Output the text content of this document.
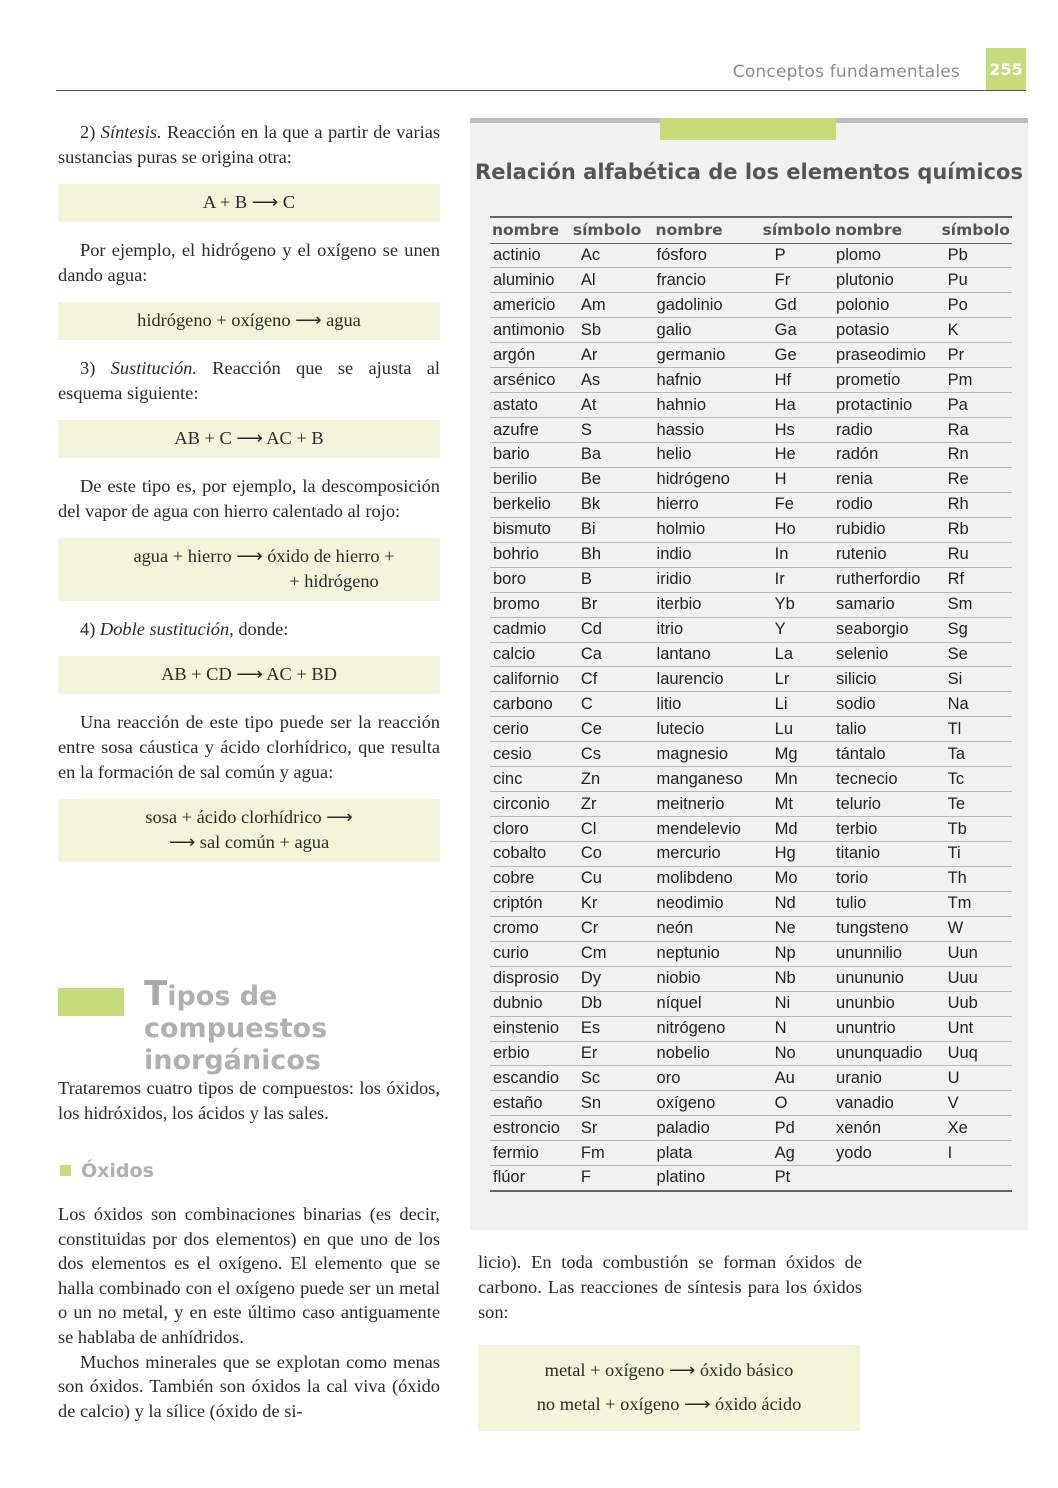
Conceptos fundamentales 255

2) Síntesis. Reacción en la que a partir de varias sustancias puras se origina otra:

A + B ⟶ C

Por ejemplo, el hidrógeno y el oxígeno se unen dando agua:

hidrógeno + oxígeno ⟶ agua

3) Sustitución. Reacción que se ajusta al esquema siguiente:

AB + C ⟶ AC + B

De este tipo es, por ejemplo, la descomposición del vapor de agua con hierro calentado al rojo:

agua + hierro ⟶ óxido de hierro +
+ hidrógeno

4) Doble sustitución, donde:

AB + CD ⟶ AC + BD

Una reacción de este tipo puede ser la reacción entre sosa cáustica y ácido clorhídrico, que resulta en la formación de sal común y agua:

sosa + ácido clorhídrico ⟶
⟶ sal común + agua
Tipos de compuestos
inorgánicos

Trataremos cuatro tipos de compuestos: los óxidos, los hidróxidos, los ácidos y las sales.

Óxidos

Los óxidos son combinaciones binarias (es decir, constituidas por dos elementos) en que uno de los dos elementos es el oxígeno. El elemento que se halla combinado con el oxígeno puede ser un metal o un no metal, y en este último caso antiguamente se hablaba de anhídridos.

Muchos minerales que se explotan como menas son óxidos. También son óxidos la cal viva (óxido de calcio) y la sílice (óxido de si-

Relación alfabética de los elementos químicos
nombre	símbolo	nombre	símbolo	nombre	símbolo
actinio	Ac	fósforo	P	plomo	Pb
aluminio	Al	francio	Fr	plutonio	Pu
americio	Am	gadolinio	Gd	polonio	Po
antimonio	Sb	galio	Ga	potasio	K
argón	Ar	germanio	Ge	praseodimio	Pr
arsénico	As	hafnio	Hf	prometio	Pm
astato	At	hahnio	Ha	protactinio	Pa
azufre	S	hassio	Hs	radio	Ra
bario	Ba	helio	He	radón	Rn
berilio	Be	hidrógeno	H	renia	Re
berkelio	Bk	hierro	Fe	rodio	Rh
bismuto	Bi	holmio	Ho	rubidio	Rb
bohrio	Bh	indio	In	rutenio	Ru
boro	B	iridio	Ir	rutherfordio	Rf
bromo	Br	iterbio	Yb	samario	Sm
cadmio	Cd	itrio	Y	seaborgio	Sg
calcio	Ca	lantano	La	selenio	Se
californio	Cf	laurencio	Lr	silicio	Si
carbono	C	litio	Li	sodio	Na
cerio	Ce	lutecio	Lu	talio	Tl
cesio	Cs	magnesio	Mg	tántalo	Ta
cinc	Zn	manganeso	Mn	tecnecio	Tc
circonio	Zr	meitnerio	Mt	telurio	Te
cloro	Cl	mendelevio	Md	terbio	Tb
cobalto	Co	mercurio	Hg	titanio	Ti
cobre	Cu	molibdeno	Mo	torio	Th
criptón	Kr	neodimio	Nd	tulio	Tm
cromo	Cr	neón	Ne	tungsteno	W
curio	Cm	neptunio	Np	ununnilio	Uun
disprosio	Dy	niobio	Nb	unununio	Uuu
dubnio	Db	níquel	Ni	ununbio	Uub
einstenio	Es	nitrógeno	N	ununtrio	Unt
erbio	Er	nobelio	No	ununquadio	Uuq
escandio	Sc	oro	Au	uranio	U
estaño	Sn	oxígeno	O	vanadio	V
estroncio	Sr	paladio	Pd	xenón	Xe
fermio	Fm	plata	Ag	yodo	I
flúor	F	platino	Pt		

licio). En toda combustión se forman óxidos de carbono. Las reacciones de síntesis para los óxidos son:

metal + oxígeno ⟶ óxido básico
no metal + oxígeno ⟶ óxido ácido
